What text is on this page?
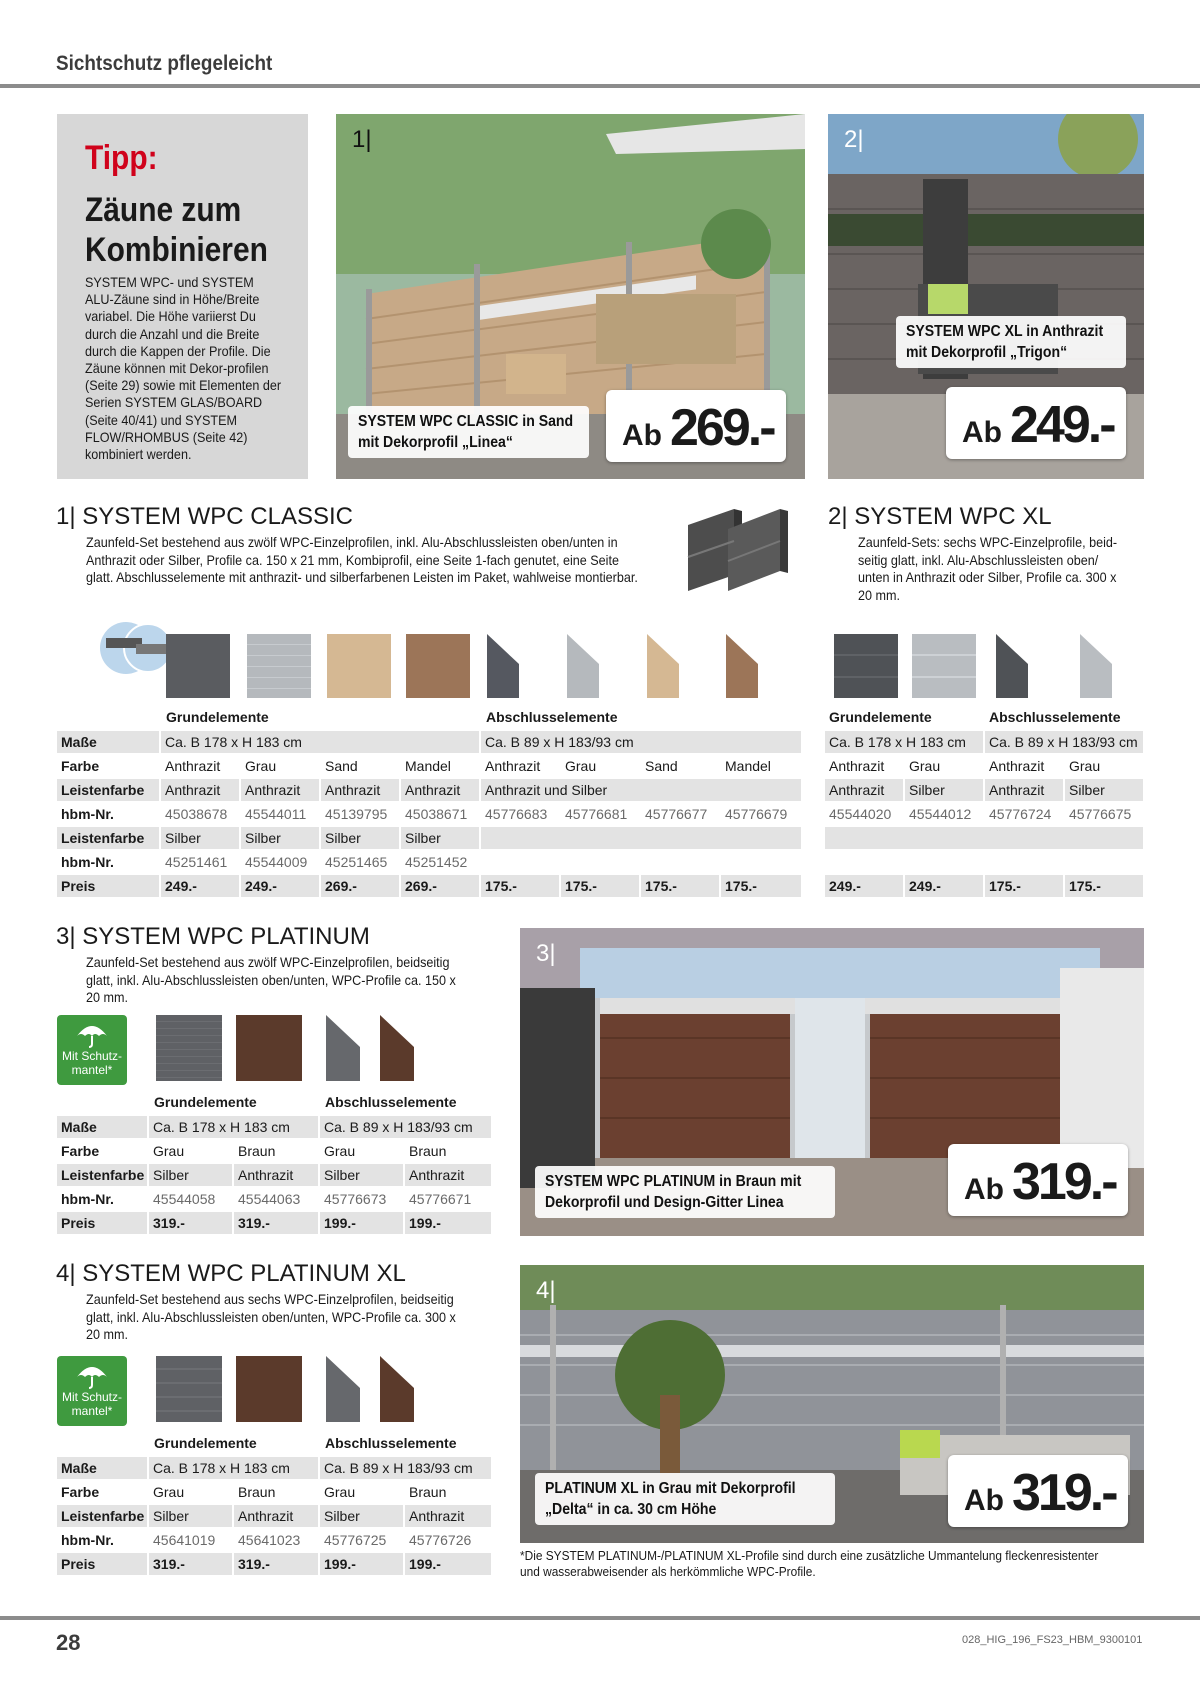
Sichtschutz pflegeleicht
Tipp:
Zäune zum
Kombinieren
SYSTEM WPC- und SYSTEM ALU-Zäune sind in Höhe/Breite variabel. Die Höhe variierst Du durch die Anzahl und die Breite durch die Kappen der Profile. Die Zäune können mit Dekor-profilen (Seite 29) sowie mit Elementen der Serien SYSTEM GLAS/BOARD (Seite 40/41) und SYSTEM FLOW/RHOMBUS (Seite 42) kombiniert werden.
1|
SYSTEM WPC CLASSIC in Sand
mit Dekorprofil „Linea“	Ab 269.-
2|
SYSTEM WPC XL in Anthrazit
mit Dekorprofil „Trigon“
Ab 249.-
1| SYSTEM WPC CLASSIC
Zaunfeld-Set bestehend aus zwölf WPC-Einzelprofilen, inkl. Alu-Abschlussleisten oben/unten in Anthrazit oder Silber, Profile ca. 150 x 21 mm, Kombiprofil, eine Seite 1-fach genutet, eine Seite glatt. Abschlusselemente mit anthrazit- und silberfarbenen Leisten im Paket, wahlweise montierbar.
2| SYSTEM WPC XL
Zaunfeld-Sets: sechs WPC-Einzelprofile, beid-seitig glatt, inkl. Alu-Abschlussleisten oben/ unten in Anthrazit oder Silber, Profile ca. 300 x 20 mm.
Grundelemente	Abschlusselemente
Maße	Ca. B 178 x H 183 cm	Ca. B 89 x H 183/93 cm
Farbe	Anthrazit	Grau	Sand	Mandel	Anthrazit	Grau	Sand	Mandel
Leistenfarbe	Anthrazit	Anthrazit	Anthrazit	Anthrazit	Anthrazit und Silber
hbm-Nr.	45038678	45544011	45139795	45038671	45776683	45776681	45776677	45776679
Leistenfarbe	Silber	Silber	Silber	Silber
hbm-Nr.	45251461	45544009	45251465	45251452
Preis	249.-	249.-	269.-	269.-	175.-	175.-	175.-	175.-
Grundelemente	Abschlusselemente
Ca. B 178 x H 183 cm	Ca. B 89 x H 183/93 cm
Anthrazit	Grau	Anthrazit	Grau
Anthrazit	Silber	Anthrazit	Silber
45544020	45544012	45776724	45776675
249.-	249.-	175.-	175.-
3| SYSTEM WPC PLATINUM
Zaunfeld-Set bestehend aus zwölf WPC-Einzelprofilen, beidseitig glatt, inkl. Alu-Abschlussleisten oben/unten, WPC-Profile ca. 150 x 20 mm.
Mit Schutz-mantel*
Grundelemente	Abschlusselemente
Maße	Ca. B 178 x H 183 cm	Ca. B 89 x H 183/93 cm
Farbe	Grau	Braun	Grau	Braun
Leistenfarbe Silber	Anthrazit	Silber	Anthrazit
hbm-Nr.	45544058	45544063	45776673	45776671
Preis	319.-	319.-	199.-	199.-
3|
SYSTEM WPC PLATINUM in Braun mit
Dekorprofil und Design-Gitter Linea	Ab 319.-
4| SYSTEM WPC PLATINUM XL
Zaunfeld-Set bestehend aus sechs WPC-Einzelprofilen, beidseitig glatt, inkl. Alu-Abschlussleisten oben/unten, WPC-Profile ca. 300 x 20 mm.
Mit Schutz-mantel*
Grundelemente	Abschlusselemente
Maße	Ca. B 178 x H 183 cm	Ca. B 89 x H 183/93 cm
Farbe	Grau	Braun	Grau	Braun
Leistenfarbe Silber	Anthrazit	Silber	Anthrazit
hbm-Nr.	45641019	45641023	45776725	45776726
Preis	319.-	319.-	199.-	199.-
4|
PLATINUM XL in Grau mit Dekorprofil
„Delta“ in ca. 30 cm Höhe	Ab 319.-
*Die SYSTEM PLATINUM-/PLATINUM XL-Profile sind durch eine zusätzliche Ummantelung fleckenresistenter und wasserabweisender als herkömmliche WPC-Profile.
28	028_HIG_196_FS23_HBM_9300101
